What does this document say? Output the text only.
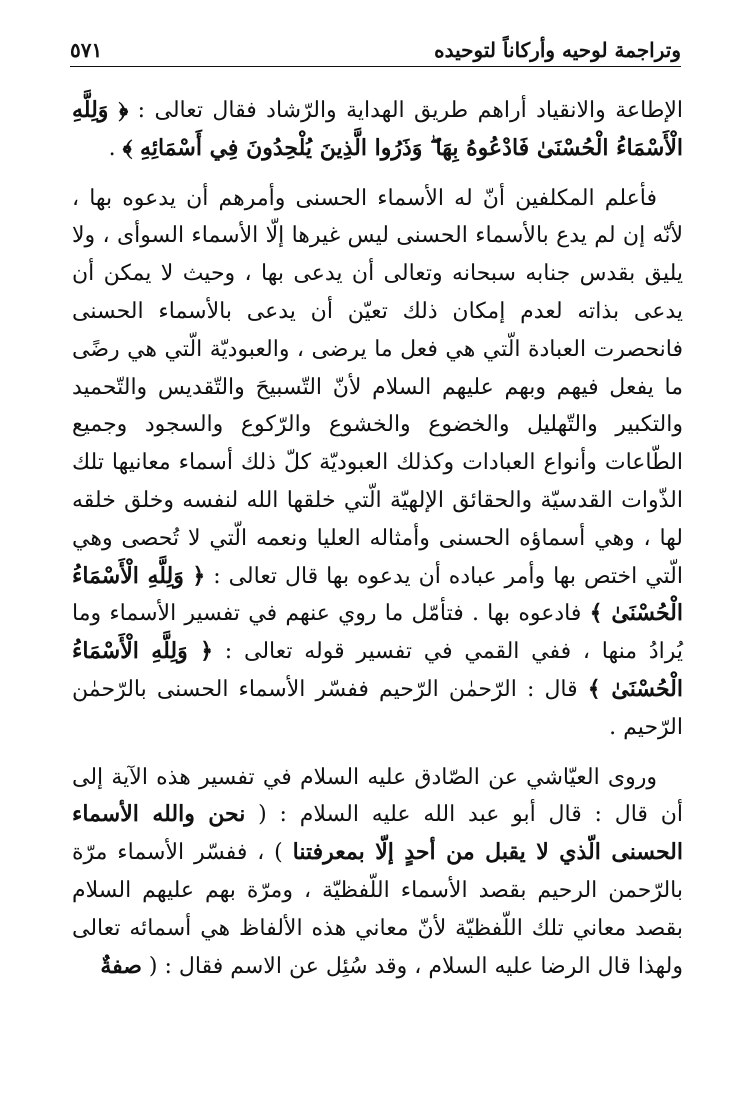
وتراجمة لوحيه وأركاناً لتوحيده
٥٧١
الإطاعة والانقياد أراهم طريق الهداية والرّشاد فقال تعالى : ﴿ وَلِلَّهِ الْأَسْمَاءُ الْحُسْنَىٰ فَادْعُوهُ بِهَا ۖ وَذَرُوا الَّذِينَ يُلْحِدُونَ فِي أَسْمَائِهِ ﴾ .
فأعلم المكلفين أنّ له الأسماء الحسنى وأمرهم أن يدعوه بها ، لأنّه إن لم يدع بالأسماء الحسنى ليس غيرها إلّا الأسماء السوأى ، ولا يليق بقدس جنابه سبحانه وتعالى أن يدعى بها ، وحيث لا يمكن أن يدعى بذاته لعدم إمكان ذلك تعيّن أن يدعى بالأسماء الحسنى فانحصرت العبادة الّتي هي فعل ما يرضى ، والعبوديّة الّتي هي رضًى ما يفعل فيهم وبهم عليهم السلام لأنّ التّسبيحَ والتّقديس والتّحميد والتكبير والتّهليل والخضوع والخشوع والرّكوع والسجود وجميع الطّاعات وأنواع العبادات وكذلك العبوديّة كلّ ذلك أسماء معانيها تلك الذّوات القدسيّة والحقائق الإلهيّة الّتي خلقها الله لنفسه وخلق خلقه لها ، وهي أسماؤه الحسنى وأمثاله العليا ونعمه الّتي لا تُحصى وهي الّتي اختص بها وأمر عباده أن يدعوه بها قال تعالى : ﴿ وَلِلَّهِ الْأَسْمَاءُ الْحُسْنَىٰ ﴾ فادعوه بها . فتأمّل ما روي عنهم في تفسير الأسماء وما يُرادُ منها ، ففي القمي في تفسير قوله تعالى : ﴿ وَلِلَّهِ الْأَسْمَاءُ الْحُسْنَىٰ ﴾ قال : الرّحمٰن الرّحيم ففسّر الأسماء الحسنى بالرّحمٰن الرّحيم .
وروى العيّاشي عن الصّادق عليه السلام في تفسير هذه الآية إلى أن قال : قال أبو عبد الله عليه السلام : ( نحن والله الأسماء الحسنى الّذي لا يقبل من أحدٍ إلّا بمعرفتنا ) ، ففسّر الأسماء مرّة بالرّحمن الرحيم بقصد الأسماء اللّفظيّة ، ومرّة بهم عليهم السلام بقصد معاني تلك اللّفظيّة لأنّ معاني هذه الألفاظ هي أسمائه تعالى ولهذا قال الرضا عليه السلام ، وقد سُئِل عن الاسم فقال : ( صفةٌ
